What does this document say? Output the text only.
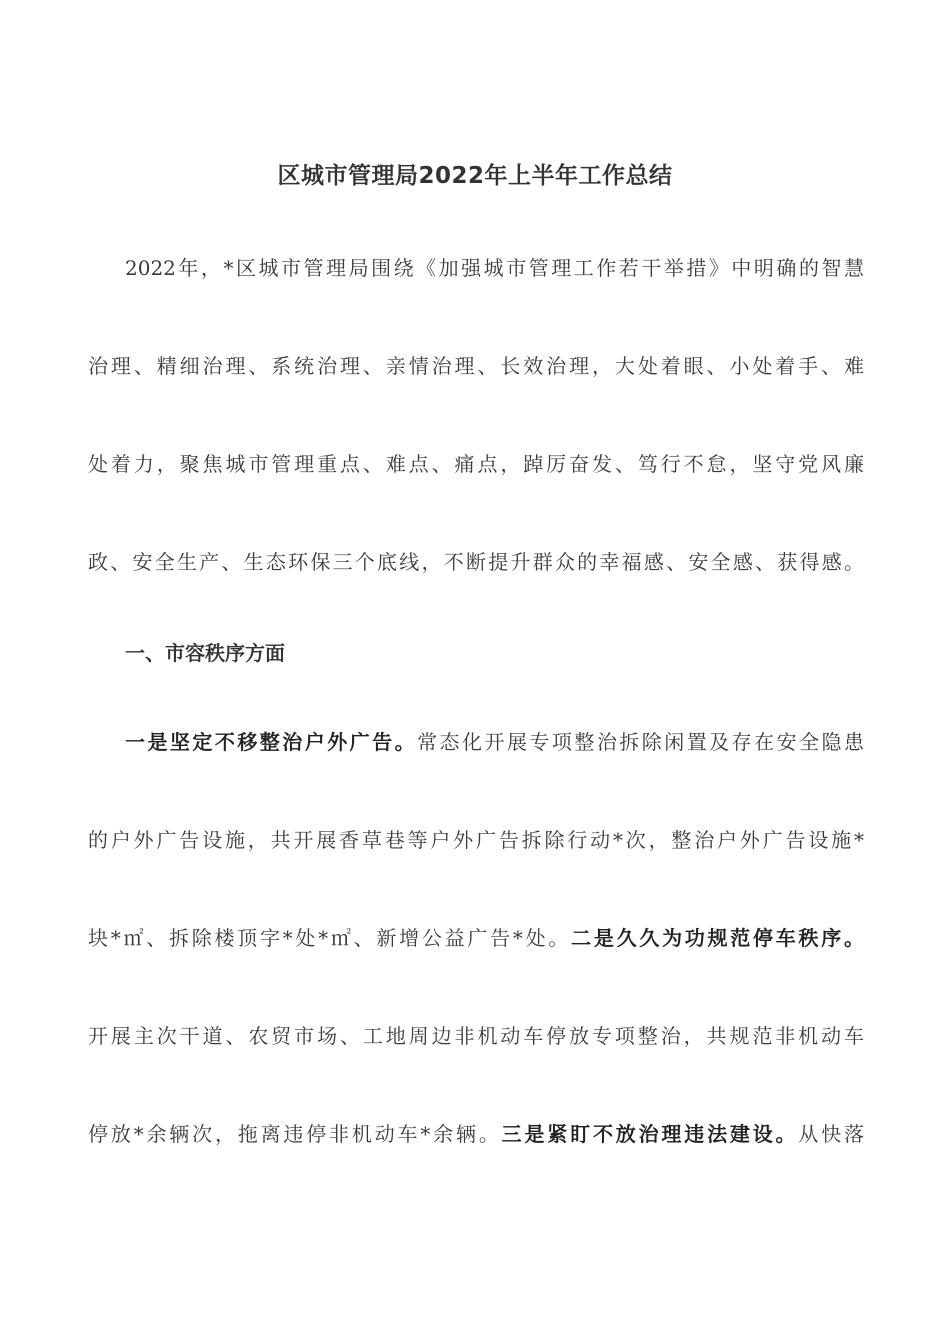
区城市管理局2022年上半年工作总结
2022年，*区城市管理局围绕《加强城市管理工作若干举措》中明确的智慧
治理、精细治理、系统治理、亲情治理、长效治理，大处着眼、小处着手、难
处着力，聚焦城市管理重点、难点、痛点，踔厉奋发、笃行不怠，坚守党风廉
政、安全生产、生态环保三个底线，不断提升群众的幸福感、安全感、获得感。
一、市容秩序方面
一是坚定不移整治户外广告。常态化开展专项整治拆除闲置及存在安全隐患
的户外广告设施，共开展香草巷等户外广告拆除行动*次，整治户外广告设施*
块*㎡、拆除楼顶字*处*㎡、新增公益广告*处。二是久久为功规范停车秩序。
开展主次干道、农贸市场、工地周边非机动车停放专项整治，共规范非机动车
停放*余辆次，拖离违停非机动车*余辆。三是紧盯不放治理违法建设。从快落
